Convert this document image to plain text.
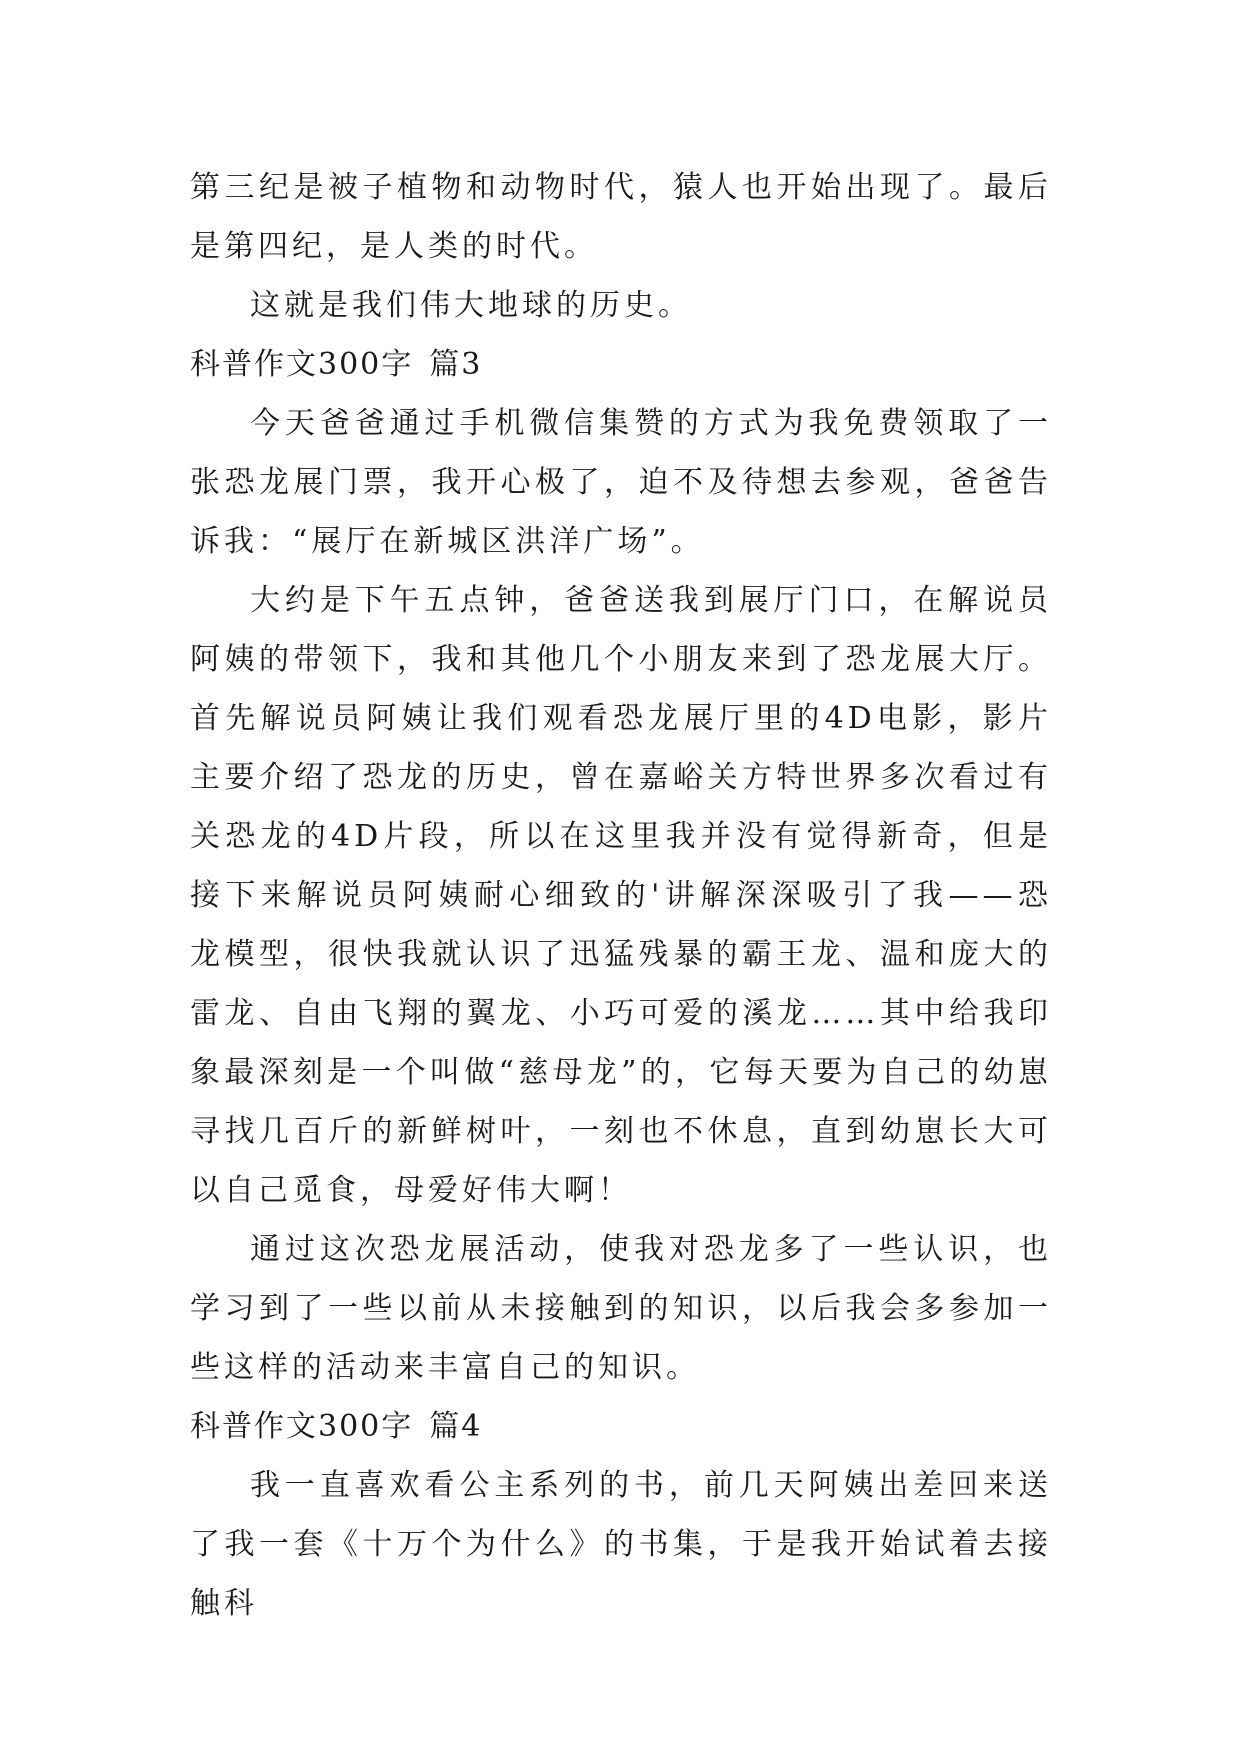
第三纪是被子植物和动物时代，猿人也开始出现了。最后是第四纪，是人类的时代。

这就是我们伟大地球的历史。

科普作文300字 篇3

今天爸爸通过手机微信集赞的方式为我免费领取了一张恐龙展门票，我开心极了，迫不及待想去参观，爸爸告诉我：“展厅在新城区洪洋广场”。

大约是下午五点钟，爸爸送我到展厅门口，在解说员阿姨的带领下，我和其他几个小朋友来到了恐龙展大厅。首先解说员阿姨让我们观看恐龙展厅里的4D电影，影片主要介绍了恐龙的历史，曾在嘉峪关方特世界多次看过有关恐龙的4D片段，所以在这里我并没有觉得新奇，但是接下来解说员阿姨耐心细致的'讲解深深吸引了我——恐龙模型，很快我就认识了迅猛残暴的霸王龙、温和庞大的雷龙、自由飞翔的翼龙、小巧可爱的溪龙……其中给我印象最深刻是一个叫做“慈母龙”的，它每天要为自己的幼崽寻找几百斤的新鲜树叶，一刻也不休息，直到幼崽长大可以自己觅食，母爱好伟大啊！

通过这次恐龙展活动，使我对恐龙多了一些认识，也学习到了一些以前从未接触到的知识，以后我会多参加一些这样的活动来丰富自己的知识。

科普作文300字 篇4

我一直喜欢看公主系列的书，前几天阿姨出差回来送了我一套《十万个为什么》的书集，于是我开始试着去接触科
